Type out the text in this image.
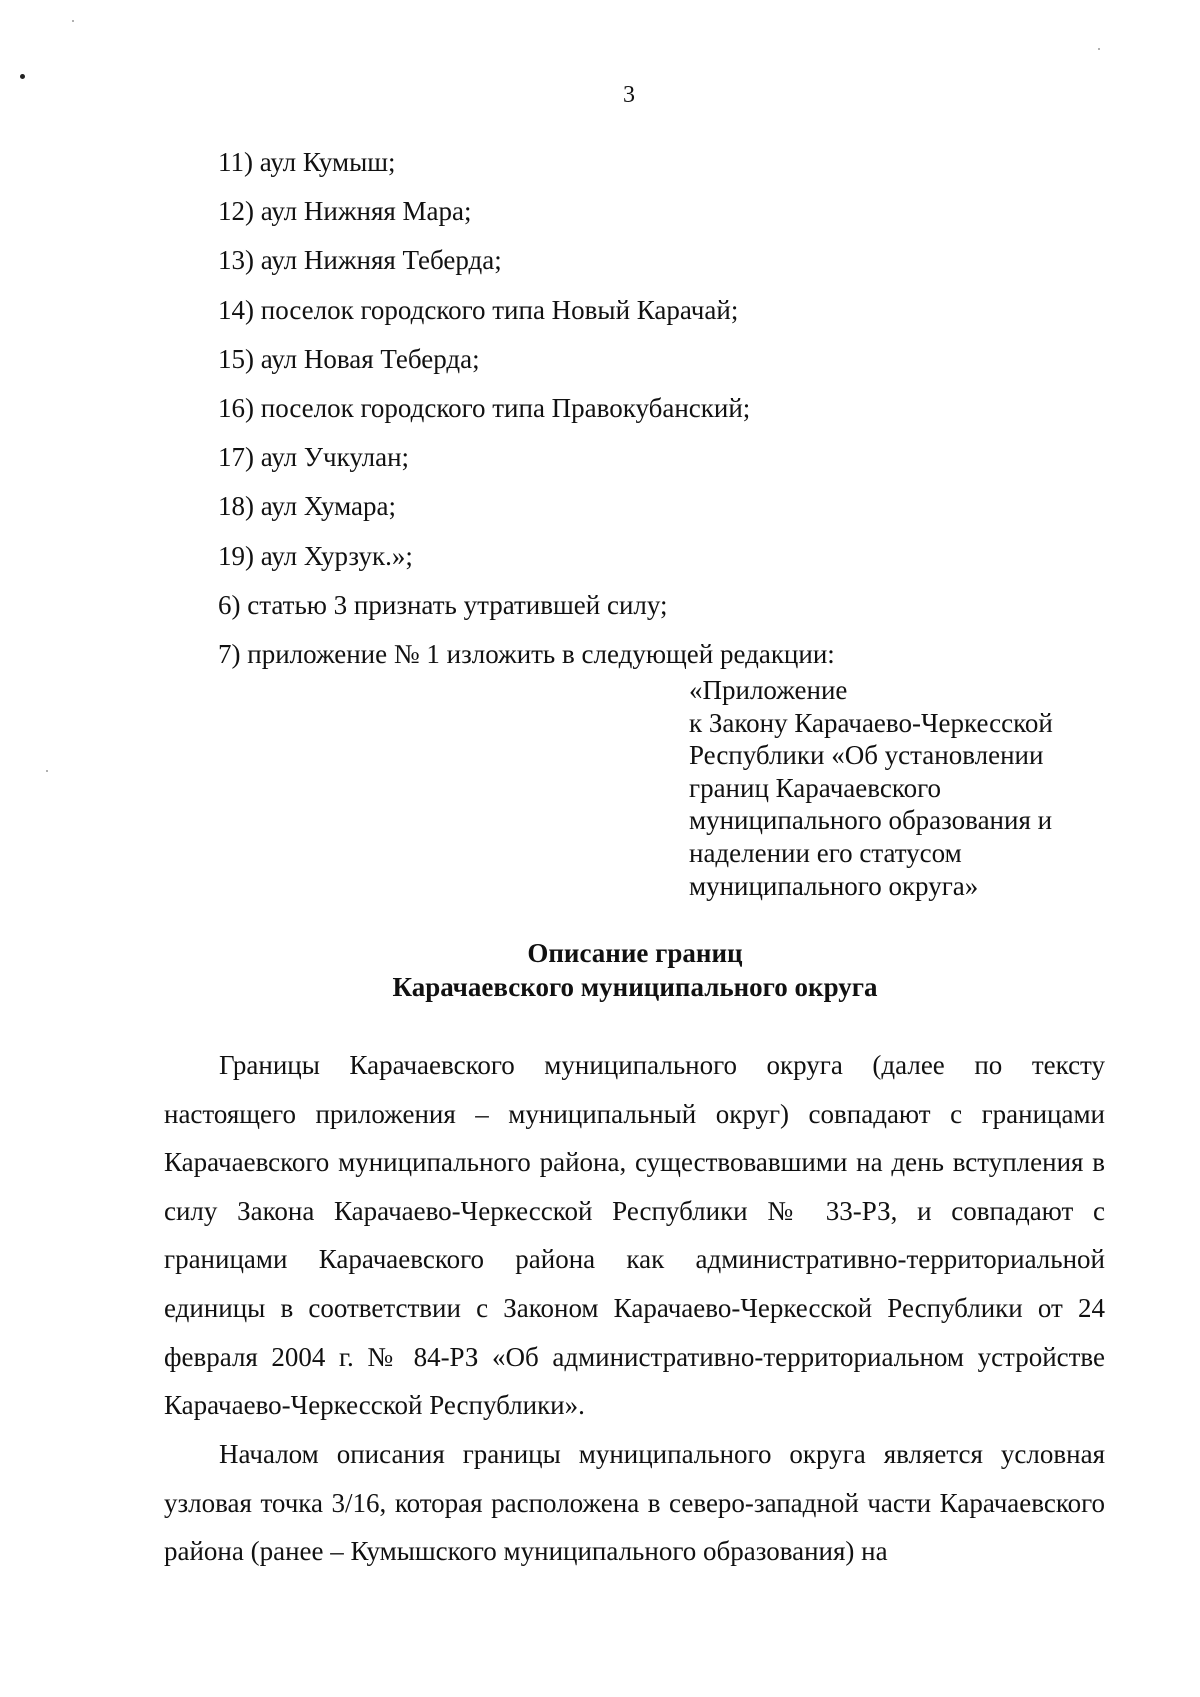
3
11) аул Кумыш;
12) аул Нижняя Мара;
13) аул Нижняя Теберда;
14) поселок городского типа Новый Карачай;
15) аул Новая Теберда;
16) поселок городского типа Правокубанский;
17) аул Учкулан;
18) аул Хумара;
19) аул Хурзук.»;
6) статью 3 признать утратившей силу;
7) приложение № 1 изложить в следующей редакции:
«Приложение
к Закону Карачаево-Черкесской
Республики «Об установлении
границ Карачаевского
муниципального образования и
наделении его статусом
муниципального округа»
Описание границ
Карачаевского муниципального округа

Границы Карачаевского муниципального округа (далее по тексту настоящего приложения – муниципальный округ) совпадают с границами Карачаевского муниципального района, существовавшими на день вступления в силу Закона Карачаево-Черкесской Республики № 33-РЗ, и совпадают с границами Карачаевского района как административно-территориальной единицы в соответствии с Законом Карачаево-Черкесской Республики от 24 февраля 2004 г. № 84-РЗ «Об административно-территориальном устройстве Карачаево-Черкесской Республики».

Началом описания границы муниципального округа является условная узловая точка 3/16, которая расположена в северо-западной части Карачаевского района (ранее – Кумышского муниципального образования) на
